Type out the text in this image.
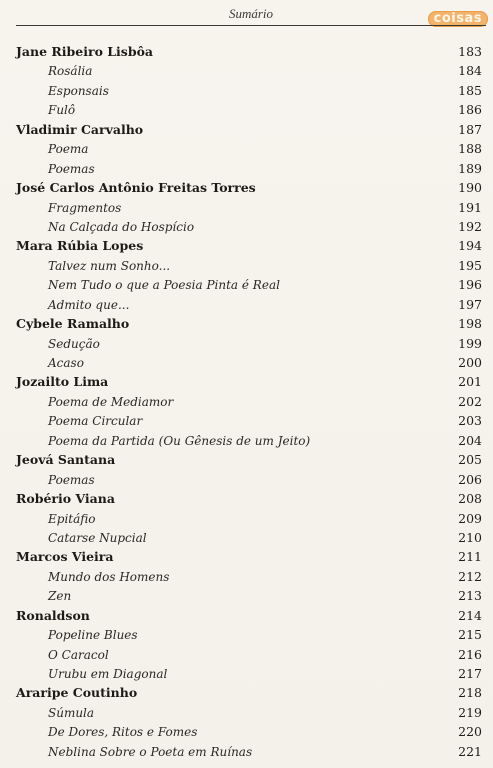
Sumário	coisas
Jane Ribeiro Lisbôa	183
Rosália	184
Esponsais	185
Fulô	186
Vladimir Carvalho	187
Poema	188
Poemas	189
José Carlos Antônio Freitas Torres	190
Fragmentos	191
Na Calçada do Hospício	192
Mara Rúbia Lopes	194
Talvez num Sonho...	195
Nem Tudo o que a Poesia Pinta é Real	196
Admito que...	197
Cybele Ramalho	198
Sedução	199
Acaso	200
Jozailto Lima	201
Poema de Mediamor	202
Poema Circular	203
Poema da Partida (Ou Gênesis de um Jeito)	204
Jeová Santana	205
Poemas	206
Robério Viana	208
Epitáfio	209
Catarse Nupcial	210
Marcos Vieira	211
Mundo dos Homens	212
Zen	213
Ronaldson	214
Popeline Blues	215
O Caracol	216
Urubu em Diagonal	217
Araripe Coutinho	218
Súmula	219
De Dores, Ritos e Fomes	220
Neblina Sobre o Poeta em Ruínas	221
